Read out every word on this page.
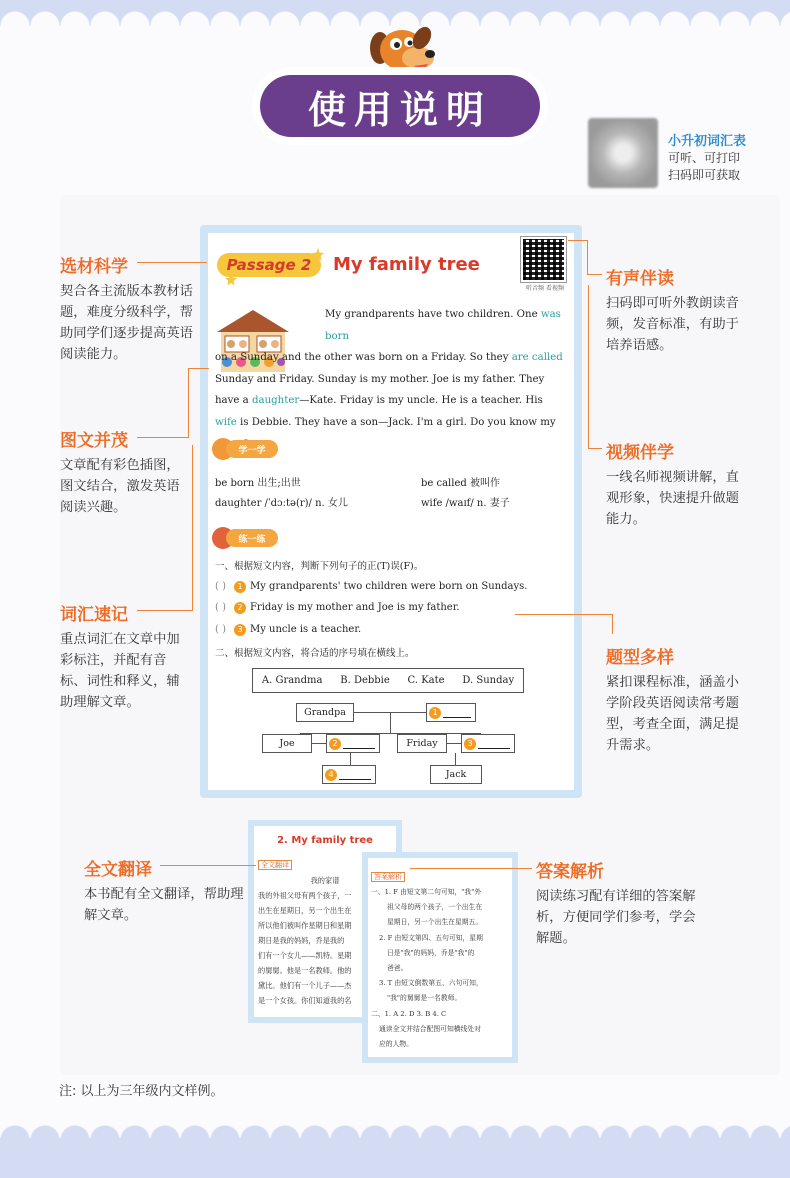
使用说明
小升初词汇表
可听、可打印
扫码即可获取
Passage 2	My family tree
听音频 看视频
My grandparents have two children. One was born
on a Sunday and the other was born on a Friday. So they are called Sunday and Friday. Sunday is my mother. Joe is my father. They have a daughter—Kate. Friday is my uncle. He is a teacher. His wife is Debbie. They have a son—Jack. I'm a girl. Do you know my
学一学
be born 出生;出世	be called 被叫作
daughter /ˈdɔːtə(r)/ n. 女儿	wife /waɪf/ n. 妻子
练一练
一、根据短文内容，判断下列句子的正(T)误(F)。
( ) 1 My grandparents' two children were born on Sundays.
( ) 2 Friday is my mother and Joe is my father.
( ) 3 My uncle is a teacher.
二、根据短文内容，将合适的序号填在横线上。
A. Grandma B. Debbie C. Kate D. Sunday
Grandpa	1
Joe	2	Friday	3
4	Jack
选材科学
契合各主流版本教材话题，难度分级科学，帮助同学们逐步提高英语阅读能力。
图文并茂
文章配有彩色插图，图文结合，激发英语阅读兴趣。
词汇速记
重点词汇在文章中加彩标注，并配有音标、词性和释义，辅助理解文章。
有声伴读
扫码即可听外教朗读音频，发音标准，有助于培养语感。
视频伴学
一线名师视频讲解，直观形象，快速提升做题能力。
题型多样
紧扣课程标准，涵盖小学阶段英语阅读常考题型，考查全面，满足提升需求。
2. My family tree
全文翻译
我的家谱
我的外祖父母有两个孩子，一
出生在星期日，另一个出生在
所以他们被叫作星期日和星期
期日是我的妈妈，乔是我的
们有一个女儿——凯特。星期
的舅舅。他是一名教师。他的
黛比。他们有一个儿子——杰
是一个女孩。你们知道我的名
答案解析
一、1. F 由短文第二句可知，"我"外
祖父母的两个孩子，一个出生在
星期日，另一个出生在星期五。
2. F 由短文第四、五句可知，星期
日是"我"的妈妈，乔是"我"的
爸爸。
3. T 由短文倒数第五、六句可知，
"我"的舅舅是一名教师。
二、1. A 2. D 3. B 4. C
通读全文并结合配图可知横线处对
应的人物。
全文翻译
本书配有全文翻译，帮助理解文章。
答案解析
阅读练习配有详细的答案解析，方便同学们参考，学会解题。
注: 以上为三年级内文样例。
